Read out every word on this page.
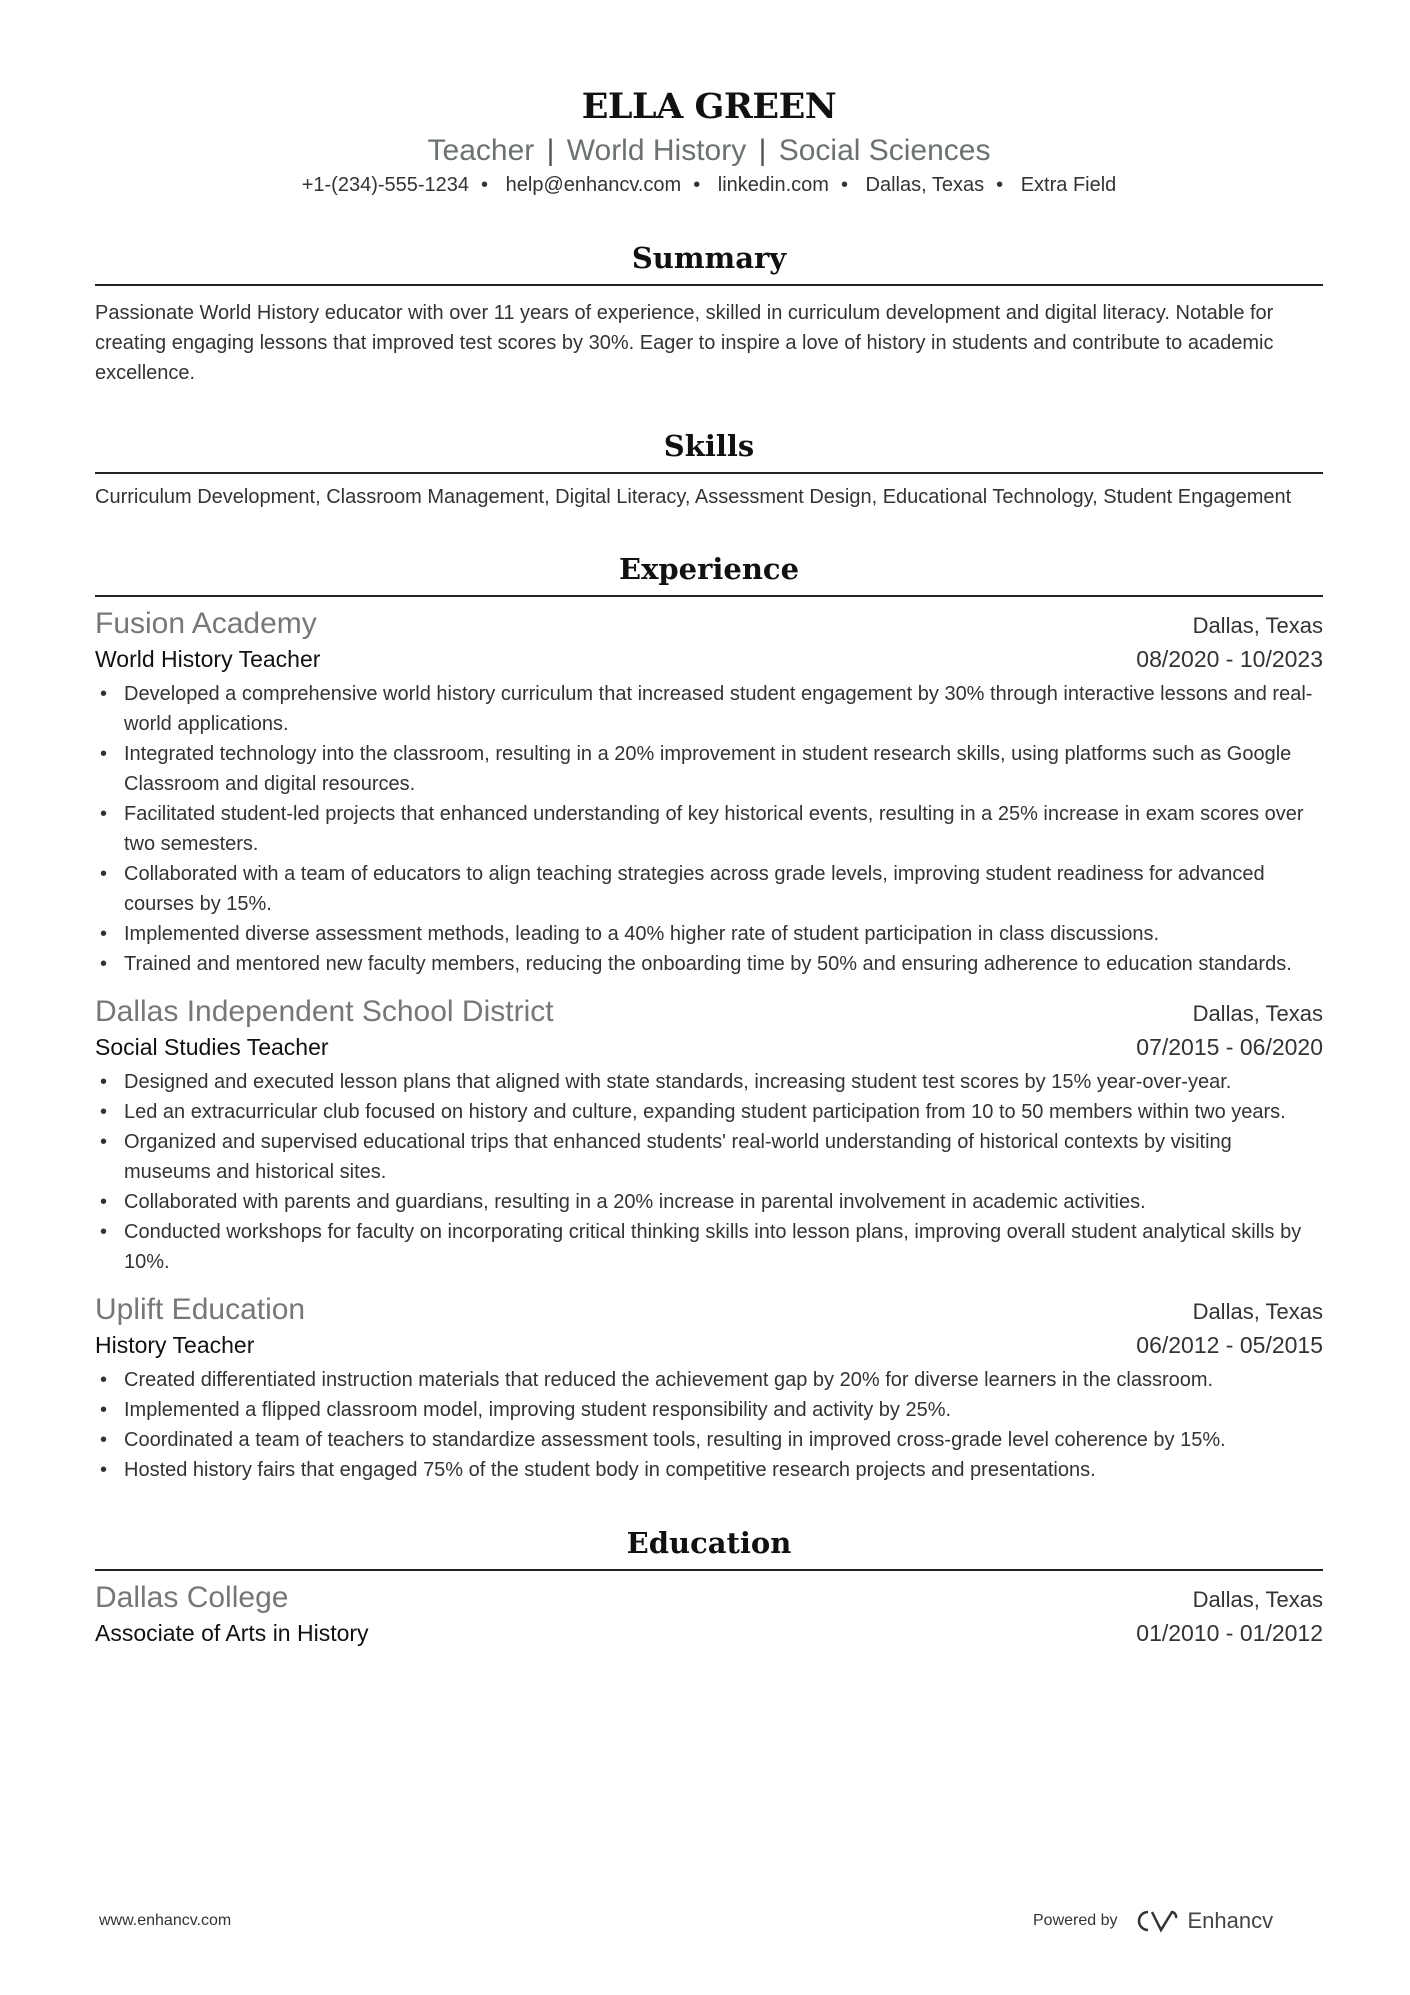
ELLA GREEN
Teacher | World History | Social Sciences
+1-(234)-555-1234 • help@enhancv.com • linkedin.com • Dallas, Texas • Extra Field
Summary
Passionate World History educator with over 11 years of experience, skilled in curriculum development and digital literacy. Notable for creating engaging lessons that improved test scores by 30%. Eager to inspire a love of history in students and contribute to academic excellence.
Skills
Curriculum Development, Classroom Management, Digital Literacy, Assessment Design, Educational Technology, Student Engagement
Experience
Fusion Academy	Dallas, Texas
World History Teacher	08/2020 - 10/2023
• Developed a comprehensive world history curriculum that increased student engagement by 30% through interactive lessons and real-world applications.
• Integrated technology into the classroom, resulting in a 20% improvement in student research skills, using platforms such as Google Classroom and digital resources.
• Facilitated student-led projects that enhanced understanding of key historical events, resulting in a 25% increase in exam scores over two semesters.
• Collaborated with a team of educators to align teaching strategies across grade levels, improving student readiness for advanced courses by 15%.
• Implemented diverse assessment methods, leading to a 40% higher rate of student participation in class discussions.
• Trained and mentored new faculty members, reducing the onboarding time by 50% and ensuring adherence to education standards.
Dallas Independent School District	Dallas, Texas
Social Studies Teacher	07/2015 - 06/2020
• Designed and executed lesson plans that aligned with state standards, increasing student test scores by 15% year-over-year.
• Led an extracurricular club focused on history and culture, expanding student participation from 10 to 50 members within two years.
• Organized and supervised educational trips that enhanced students' real-world understanding of historical contexts by visiting museums and historical sites.
• Collaborated with parents and guardians, resulting in a 20% increase in parental involvement in academic activities.
• Conducted workshops for faculty on incorporating critical thinking skills into lesson plans, improving overall student analytical skills by 10%.
Uplift Education	Dallas, Texas
History Teacher	06/2012 - 05/2015
• Created differentiated instruction materials that reduced the achievement gap by 20% for diverse learners in the classroom.
• Implemented a flipped classroom model, improving student responsibility and activity by 25%.
• Coordinated a team of teachers to standardize assessment tools, resulting in improved cross-grade level coherence by 15%.
• Hosted history fairs that engaged 75% of the student body in competitive research projects and presentations.
Education
Dallas College	Dallas, Texas
Associate of Arts in History	01/2010 - 01/2012
www.enhancv.com	Powered by	Enhancv
